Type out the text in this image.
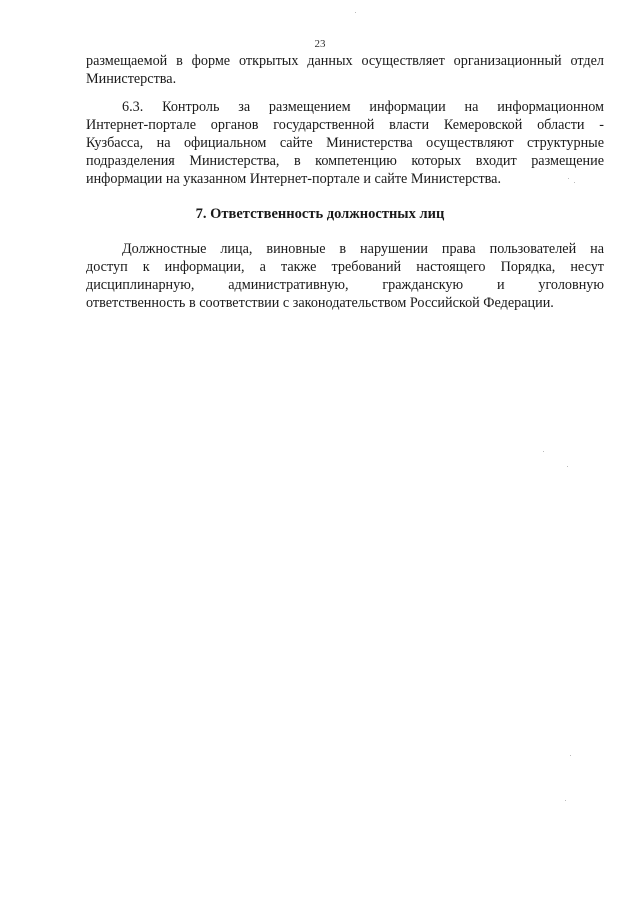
23
размещаемой в форме открытых данных осуществляет организационный отдел
Министерства.
6.3. Контроль за размещением информации на информационном
Интернет-портале органов государственной власти Кемеровской области -
Кузбасса, на официальном сайте Министерства осуществляют структурные
подразделения Министерства, в компетенцию которых входит размещение
информации на указанном Интернет-портале и сайте Министерства.
7. Ответственность должностных лиц
Должностные лица, виновные в нарушении права пользователей на
доступ к информации, а также требований настоящего Порядка, несут
дисциплинарную, административную, гражданскую и уголовную
ответственность в соответствии с законодательством Российской Федерации.
